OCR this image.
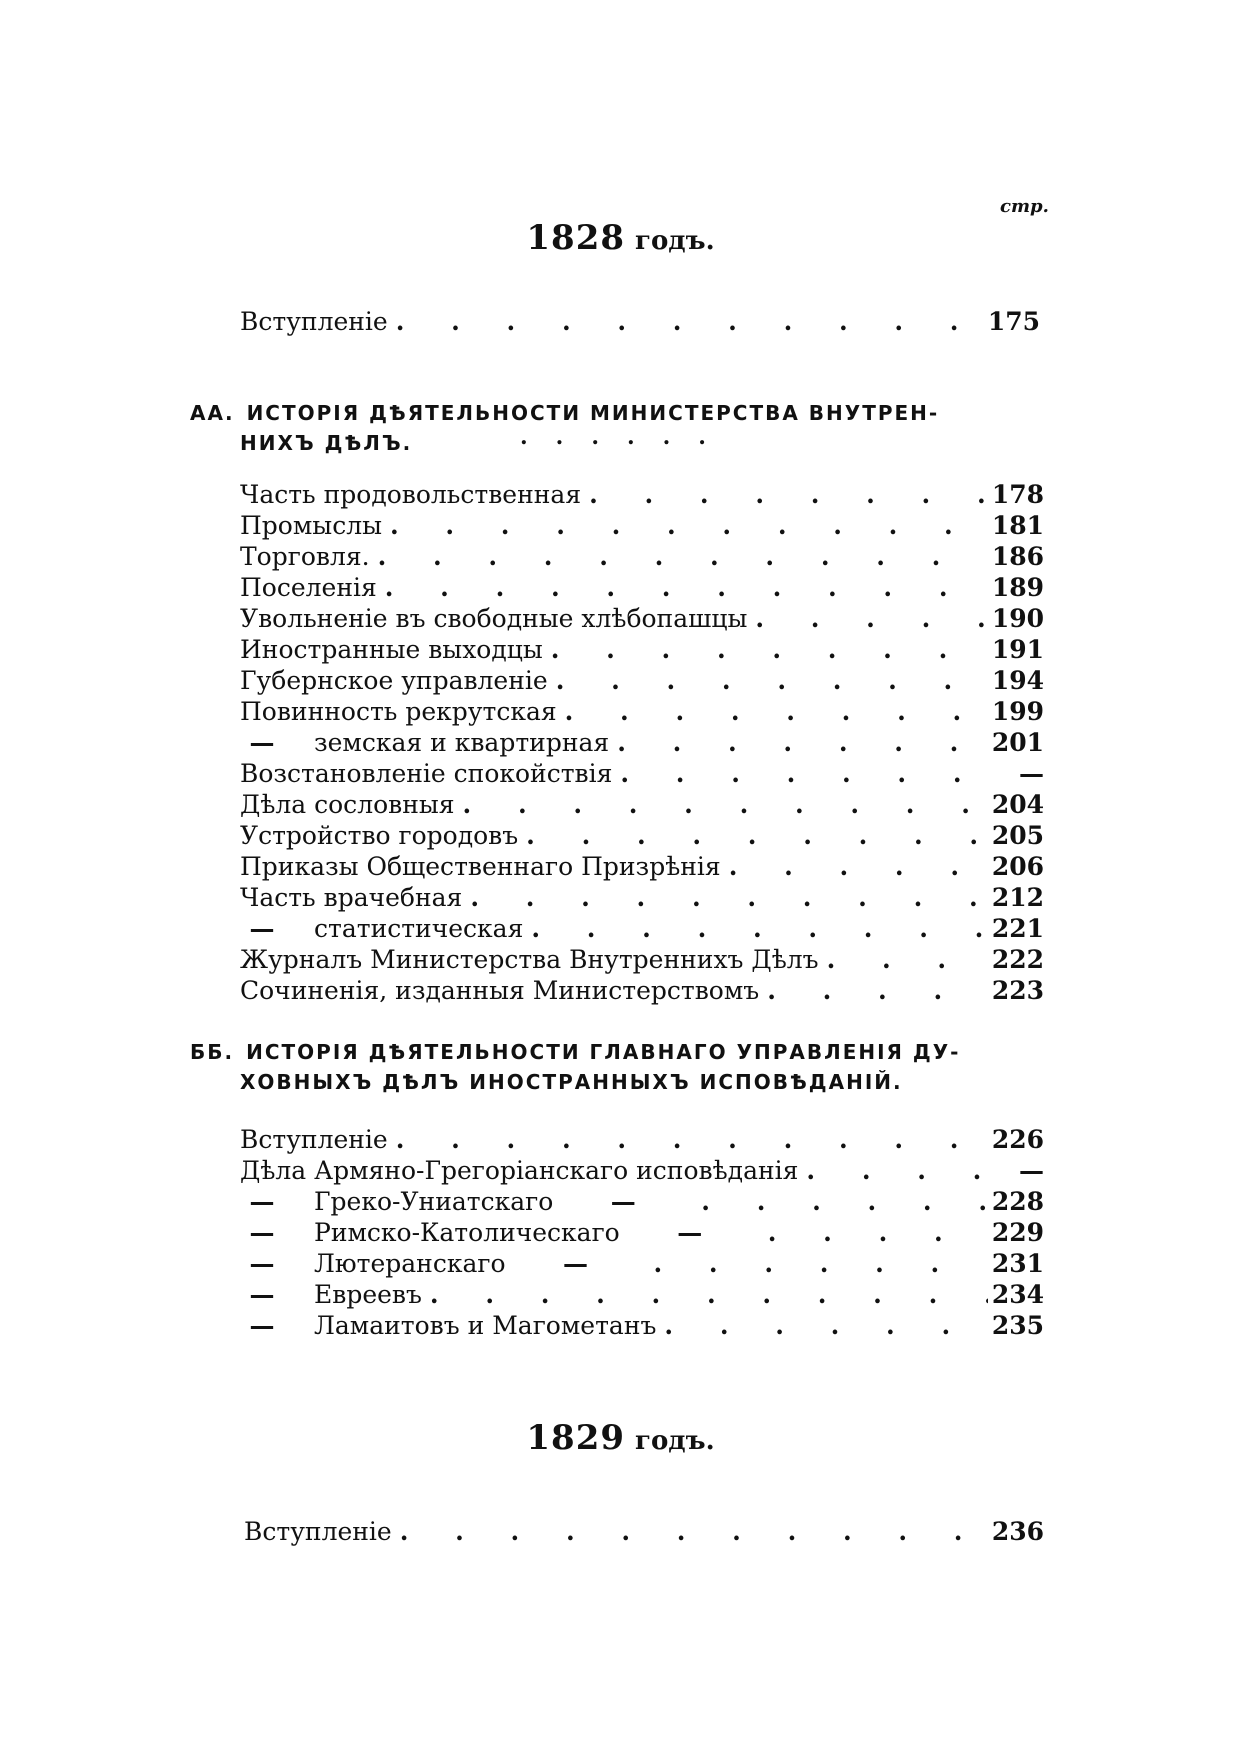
стр.
1828 годъ.
Вступленіе . . .	175
АА. ИСТОРІЯ ДѢЯТЕЛЬНОСТИ МИНИСТЕРСТВА ВНУТРЕН-
НИХЪ ДѢЛЪ.	......
Часть продовольственная . . .	178
Промыслы . . .	181
Торговля. . . .	186
Поселенія . . .	189
Увольненіе въ свободные хлѣбопашцы . . .	190
Иностранные выходцы . . .	191
Губернское управленіе . . .	194
Повинность рекрутская . . .	199
—	земская и квартирная . . .	201
Возстановленіе спокойствія . . .	—
Дѣла сословныя . . .	204
Устройство городовъ . . .	205
Приказы Общественнаго Призрѣнія . . .	206
Часть врачебная . . .	212
—	статистическая . . .	221
Журналъ Министерства Внутреннихъ Дѣлъ . . .	222
Сочиненія, изданныя Министерствомъ . . .	223
ББ. ИСТОРІЯ ДѢЯТЕЛЬНОСТИ ГЛАВНАГО УПРАВЛЕНІЯ ДУ-
ХОВНЫХЪ ДѢЛЪ ИНОСТРАННЫХЪ ИСПОВѢДАНІЙ.
Вступленіе . . .	226
Дѣла Армяно-Грегоріанскаго исповѣданія . . .	—
—	Греко-Униатскаго	— . . .	228
—	Римско-Католическаго	— . . .	229
—	Лютеранскаго	— . . .	231
—	Евреевъ . . .	234
—	Ламаитовъ и Магометанъ . . .	235
1829 годъ.
Вступленіе . . .	236
